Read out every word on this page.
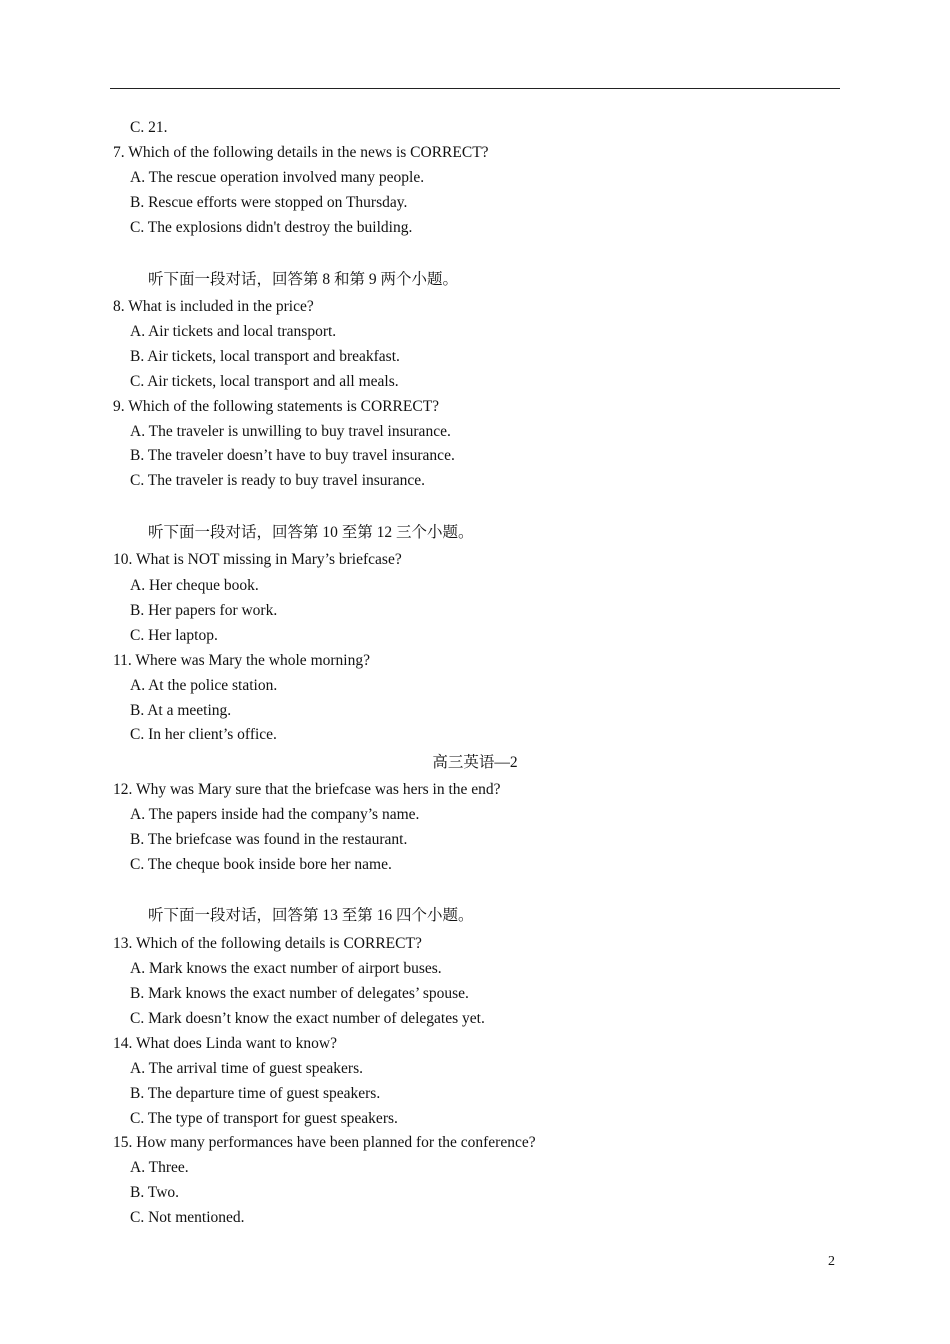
C. 21.
7. Which of the following details in the news is CORRECT?
A. The rescue operation involved many people.
B. Rescue efforts were stopped on Thursday.
C. The explosions didn't destroy the building.
听下面一段对话，回答第 8 和第 9 两个小题。
8. What is included in the price?
A. Air tickets and local transport.
B. Air tickets, local transport and breakfast.
C. Air tickets, local transport and all meals.
9. Which of the following statements is CORRECT?
A. The traveler is unwilling to buy travel insurance.
B. The traveler doesn’t have to buy travel insurance.
C. The traveler is ready to buy travel insurance.
听下面一段对话，回答第 10 至第 12 三个小题。
10. What is NOT missing in Mary’s briefcase?
A. Her cheque book.
B. Her papers for work.
C. Her laptop.
11. Where was Mary the whole morning?
A. At the police station.
B. At a meeting.
C. In her client’s office.
高三英语—2
12. Why was Mary sure that the briefcase was hers in the end?
A. The papers inside had the company’s name.
B. The briefcase was found in the restaurant.
C. The cheque book inside bore her name.
听下面一段对话，回答第 13 至第 16 四个小题。
13. Which of the following details is CORRECT?
A. Mark knows the exact number of airport buses.
B. Mark knows the exact number of delegates’ spouse.
C. Mark doesn’t know the exact number of delegates yet.
14. What does Linda want to know?
A. The arrival time of guest speakers.
B. The departure time of guest speakers.
C. The type of transport for guest speakers.
15. How many performances have been planned for the conference?
A. Three.
B. Two.
C. Not mentioned.
2
